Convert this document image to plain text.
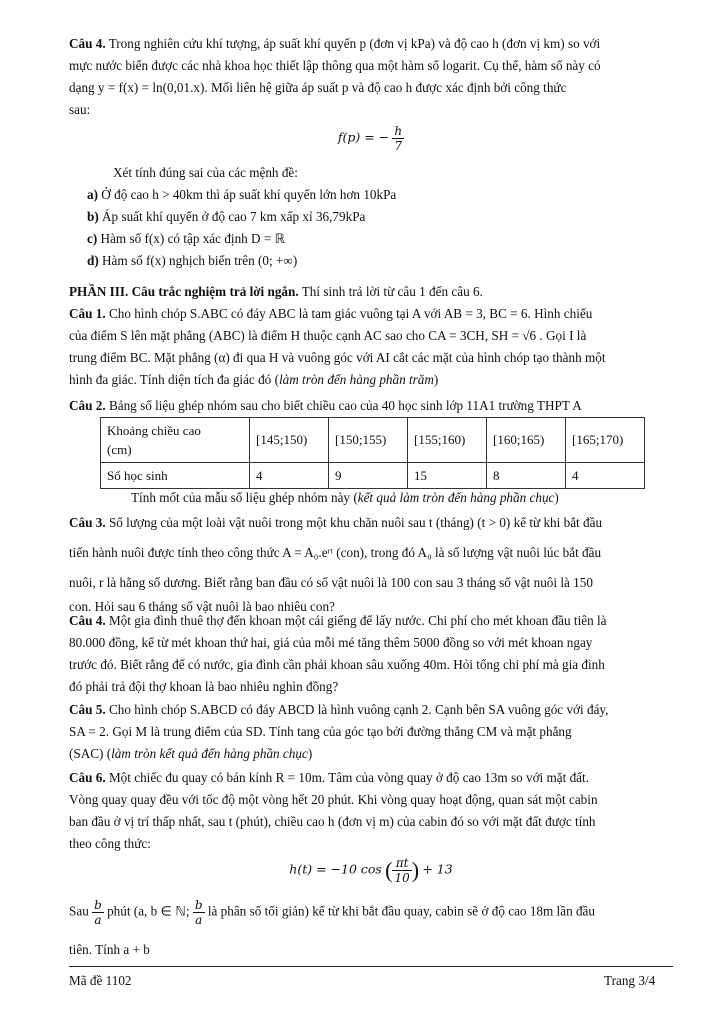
Câu 4. Trong nghiên cứu khí tượng, áp suất khí quyển p (đơn vị kPa) và độ cao h (đơn vị km) so với
mực nước biển được các nhà khoa học thiết lập thông qua một hàm số logarit. Cụ thể, hàm số này có
dạng y = f(x) = ln(0,01.x). Mối liên hệ giữa áp suất p và độ cao h được xác định bởi công thức
sau:
f(p) = − $\frac{h}{7}$
Xét tính đúng sai của các mệnh đề:
a) Ở độ cao h > 40km thì áp suất khí quyển lớn hơn 10kPa
b) Áp suất khí quyển ở độ cao 7 km xấp xỉ 36,79kPa
c) Hàm số f(x) có tập xác định D = ℝ
d) Hàm số f(x) nghịch biến trên (0; +∞)
PHẦN III. Câu trắc nghiệm trả lời ngắn. Thí sinh trả lời từ câu 1 đến câu 6.
Câu 1. Cho hình chóp S.ABC có đáy ABC là tam giác vuông tại A với AB = 3, BC = 6. Hình chiếu
của điểm S lên mặt phẳng (ABC) là điểm H thuộc cạnh AC sao cho CA = 3CH, SH = √6 . Gọi I là
trung điểm BC. Mặt phẳng (α) đi qua H và vuông góc với AI cắt các mặt của hình chóp tạo thành một
hình đa giác. Tính diện tích đa giác đó (làm tròn đến hàng phần trăm)
Câu 2. Bảng số liệu ghép nhóm sau cho biết chiều cao của 40 học sinh lớp 11A1 trường THPT A
Khoảng chiều cao
(cm)	[145;150)	[150;155)	[155;160)	[160;165)	[165;170)
Số học sinh	4	9	15	8	4
Tính mốt của mẫu số liệu ghép nhóm này (kết quả làm tròn đến hàng phần chục)
Câu 3. Số lượng của một loài vật nuôi trong một khu chăn nuôi sau t (tháng) (t > 0) kể từ khi bắt đầu
tiến hành nuôi được tính theo công thức A = A₀.eʳᵗ (con), trong đó A₀ là số lượng vật nuôi lúc bắt đầu
nuôi, r là hằng số dương. Biết rằng ban đầu có số vật nuôi là 100 con sau 3 tháng số vật nuôi là 150
con. Hỏi sau 6 tháng số vật nuôi là bao nhiêu con?
Câu 4. Một gia đình thuê thợ đến khoan một cái giếng để lấy nước. Chi phí cho mét khoan đầu tiên là
80.000 đồng, kể từ mét khoan thứ hai, giá của mỗi mé tăng thêm 5000 đồng so với mét khoan ngay
trước đó. Biết rằng để có nước, gia đình cần phải khoan sâu xuống 40m. Hỏi tổng chi phí mà gia đình
đó phải trả đội thợ khoan là bao nhiêu nghìn đồng?
Câu 5. Cho hình chóp S.ABCD có đáy ABCD là hình vuông cạnh 2. Cạnh bên SA vuông góc với đáy,
SA = 2. Gọi M là trung điểm của SD. Tính tang của góc tạo bởi đường thẳng CM và mặt phẳng
(SAC) (làm tròn kết quả đến hàng phần chục)
Câu 6. Một chiếc đu quay có bán kính R = 10m. Tâm của vòng quay ở độ cao 13m so với mặt đất.
Vòng quay quay đều với tốc độ một vòng hết 20 phút. Khi vòng quay hoạt động, quan sát một cabin
ban đầu ở vị trí thấp nhất, sau t (phút), chiều cao h (đơn vị m) của cabin đó so với mặt đất được tính
theo công thức:
h(t) = −10 cos ( $\frac{\pi t}{10}$ ) + 13
Sau $\frac{b}{a}$ phút (a, b ∈ ℕ; $\frac{b}{a}$ là phân số tối giản) kể từ khi bắt đầu quay, cabin sẽ ở độ cao 18m lần đầu
tiên. Tính a + b
Mã đề 1102	Trang 3/4
